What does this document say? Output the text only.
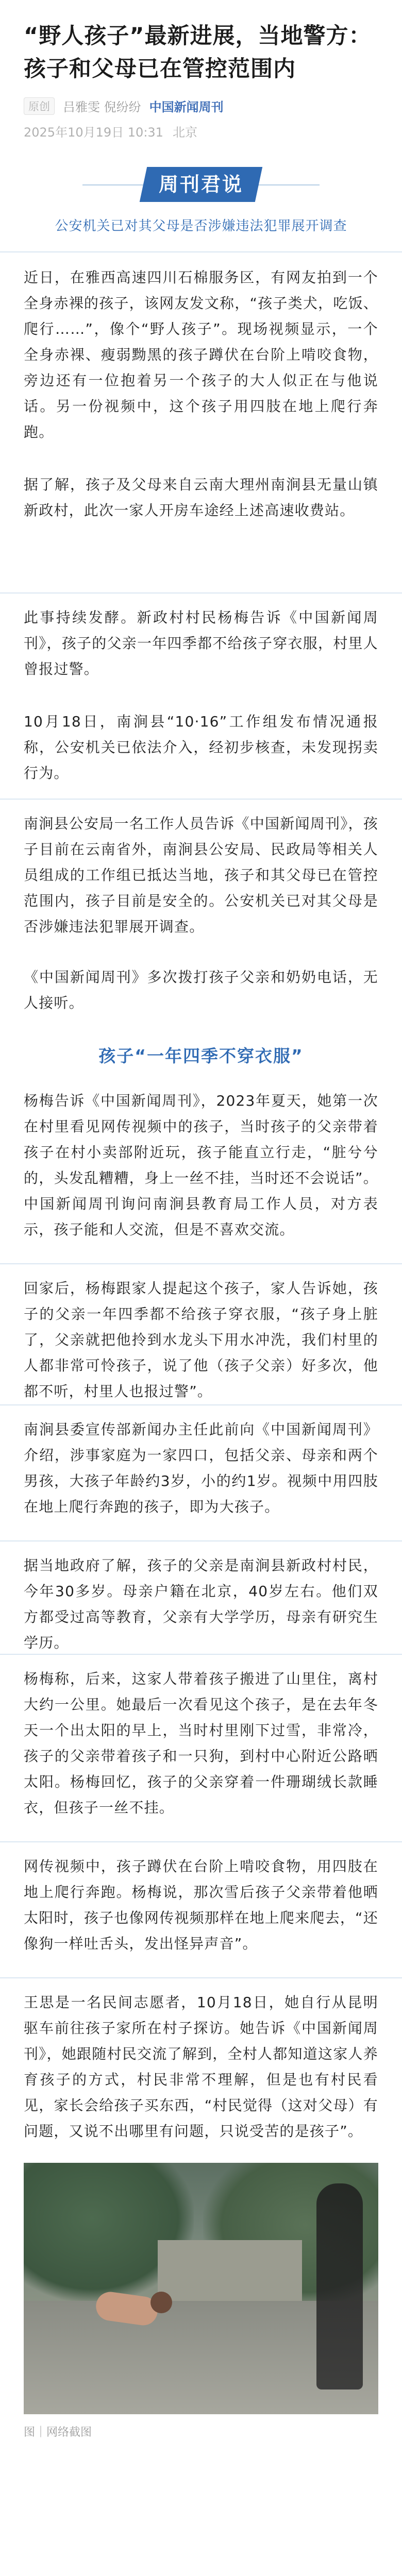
“野人孩子”最新进展，当地警方：
孩子和父母已在管控范围内
原创	吕雅雯 倪纷纷 中国新闻周刊
2025年10月19日 10:31 北京
周刊君说
公安机关已对其父母是否涉嫌违法犯罪展开调查

近日，在雅西高速四川石棉服务区，有网友拍到一个全身赤裸的孩子，该网友发文称，“孩子类犬，吃饭、爬行……”，像个“野人孩子”。现场视频显示，一个全身赤裸、瘦弱黝黑的孩子蹲伏在台阶上啃咬食物，旁边还有一位抱着另一个孩子的大人似正在与他说话。另一份视频中，这个孩子用四肢在地上爬行奔跑。

据了解，孩子及父母来自云南大理州南涧县无量山镇新政村，此次一家人开房车途经上述高速收费站。

此事持续发酵。新政村村民杨梅告诉《中国新闻周刊》，孩子的父亲一年四季都不给孩子穿衣服，村里人曾报过警。

10月18日，南涧县“10·16”工作组发布情况通报称，公安机关已依法介入，经初步核查，未发现拐卖行为。

南涧县公安局一名工作人员告诉《中国新闻周刊》，孩子目前在云南省外，南涧县公安局、民政局等相关人员组成的工作组已抵达当地，孩子和其父母已在管控范围内，孩子目前是安全的。公安机关已对其父母是否涉嫌违法犯罪展开调查。

《中国新闻周刊》多次拨打孩子父亲和奶奶电话，无人接听。

孩子“一年四季不穿衣服”

杨梅告诉《中国新闻周刊》，2023年夏天，她第一次在村里看见网传视频中的孩子，当时孩子的父亲带着孩子在村小卖部附近玩，孩子能直立行走，“脏兮兮的，头发乱糟糟，身上一丝不挂，当时还不会说话”。中国新闻周刊询问南涧县教育局工作人员，对方表示，孩子能和人交流，但是不喜欢交流。

回家后，杨梅跟家人提起这个孩子，家人告诉她，孩子的父亲一年四季都不给孩子穿衣服，“孩子身上脏了，父亲就把他拎到水龙头下用水冲洗，我们村里的人都非常可怜孩子，说了他（孩子父亲）好多次，他都不听，村里人也报过警”。

南涧县委宣传部新闻办主任此前向《中国新闻周刊》介绍，涉事家庭为一家四口，包括父亲、母亲和两个男孩，大孩子年龄约3岁，小的约1岁。视频中用四肢在地上爬行奔跑的孩子，即为大孩子。

据当地政府了解，孩子的父亲是南涧县新政村村民，今年30多岁。母亲户籍在北京，40岁左右。他们双方都受过高等教育，父亲有大学学历，母亲有研究生学历。

杨梅称，后来，这家人带着孩子搬进了山里住，离村大约一公里。她最后一次看见这个孩子，是在去年冬天一个出太阳的早上，当时村里刚下过雪，非常冷，孩子的父亲带着孩子和一只狗，到村中心附近公路晒太阳。杨梅回忆，孩子的父亲穿着一件珊瑚绒长款睡衣，但孩子一丝不挂。

网传视频中，孩子蹲伏在台阶上啃咬食物，用四肢在地上爬行奔跑。杨梅说，那次雪后孩子父亲带着他晒太阳时，孩子也像网传视频那样在地上爬来爬去，“还像狗一样吐舌头，发出怪异声音”。

王思是一名民间志愿者，10月18日，她自行从昆明驱车前往孩子家所在村子探访。她告诉《中国新闻周刊》，她跟随村民交流了解到，全村人都知道这家人养育孩子的方式，村民非常不理解，但是也有村民看见，家长会给孩子买东西，“村民觉得（这对父母）有问题，又说不出哪里有问题，只说受苦的是孩子”。

图｜网络截图
